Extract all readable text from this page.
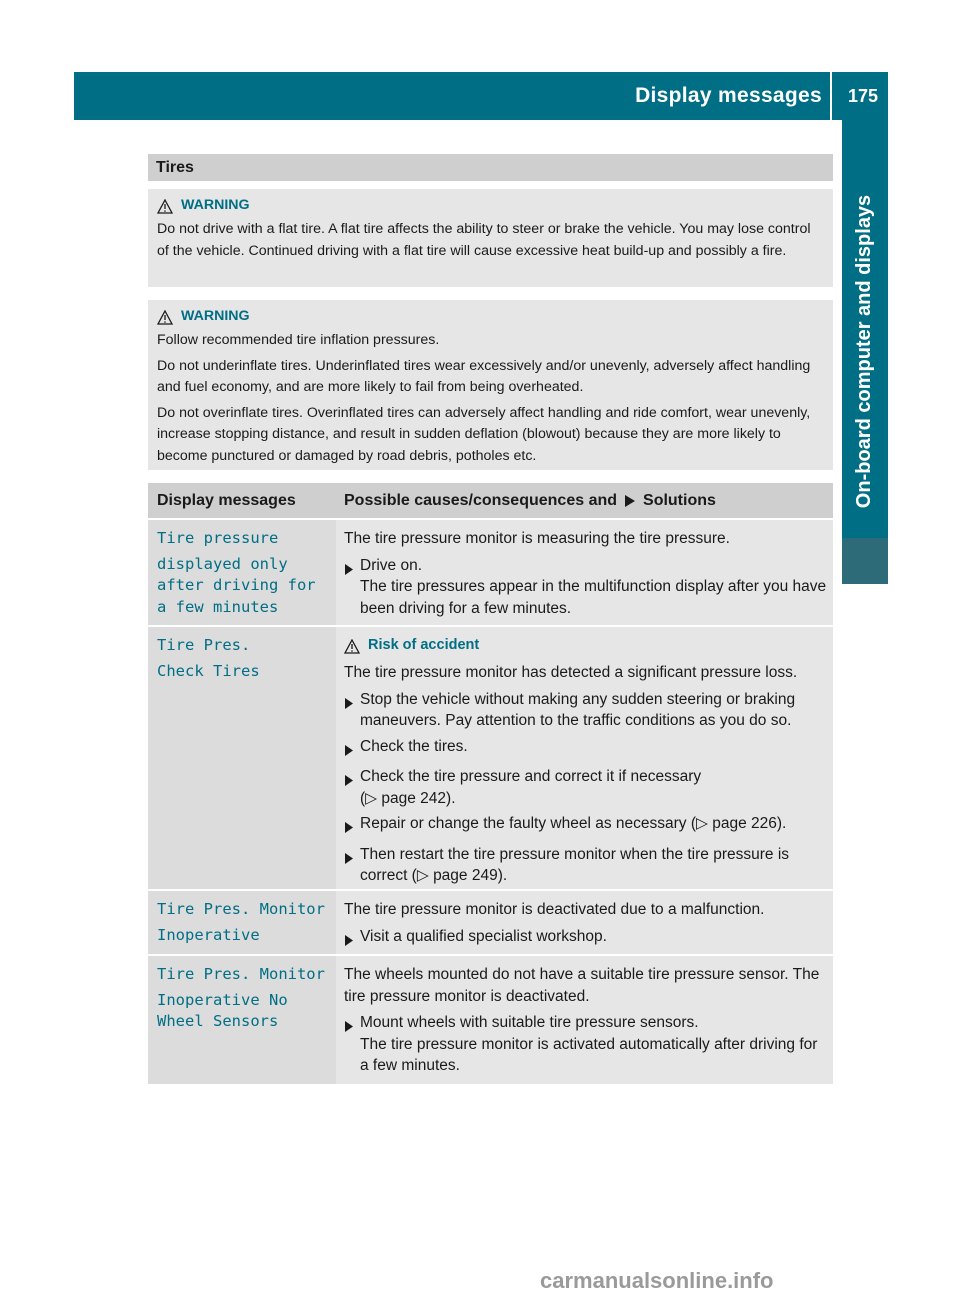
Display messages 175
On-board computer and displays
Tires
WARNING

Do not drive with a flat tire. A flat tire affects the ability to steer or brake the vehicle. You may lose control of the vehicle. Continued driving with a flat tire will cause excessive heat build-up and possibly a fire.

WARNING

Follow recommended tire inflation pressures.

Do not underinflate tires. Underinflated tires wear excessively and/or unevenly, adversely affect handling and fuel economy, and are more likely to fail from being overheated.

Do not overinflate tires. Overinflated tires can adversely affect handling and ride comfort, wear unevenly, increase stopping distance, and result in sudden deflation (blowout) because they are more likely to become punctured or damaged by road debris, potholes etc.

Display messages	Possible causes/consequences and Solutions
Tire pressure
displayed only after driving for a few minutes

The tire pressure monitor is measuring the tire pressure.

Drive on.
The tire pressures appear in the multifunction display after you have been driving for a few minutes.
Tire Pres.
Check Tires
Risk of accident

The tire pressure monitor has detected a significant pressure loss.

Stop the vehicle without making any sudden steering or braking maneuvers. Pay attention to the traffic conditions as you do so.
Check the tires.
Check the tire pressure and correct it if necessary
(▷ page 242).
Repair or change the faulty wheel as necessary (▷ page 226).
Then restart the tire pressure monitor when the tire pressure is correct (▷ page 249).
Tire Pres. Monitor
Inoperative

The tire pressure monitor is deactivated due to a malfunction.

Visit a qualified specialist workshop.
Tire Pres. Monitor
Inoperative No Wheel Sensors

The wheels mounted do not have a suitable tire pressure sensor. The tire pressure monitor is deactivated.

Mount wheels with suitable tire pressure sensors.
The tire pressure monitor is activated automatically after driving for a few minutes.
carmanualsonline.info
